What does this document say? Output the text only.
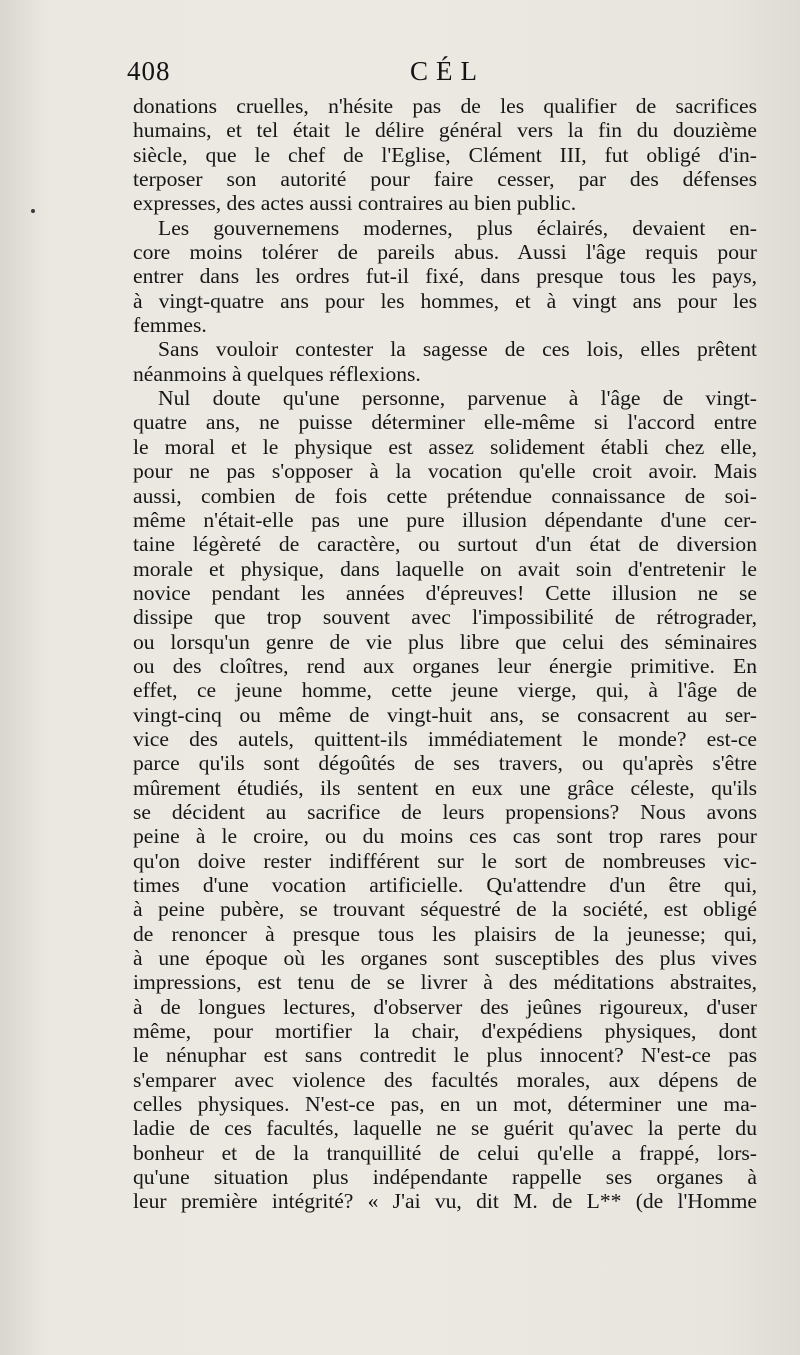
408	CÉL
donations cruelles, n'hésite pas de les qualifier de sacrifices
humains, et tel était le délire général vers la fin du douzième
siècle, que le chef de l'Eglise, Clément III, fut obligé d'in-
terposer son autorité pour faire cesser, par des défenses
expresses, des actes aussi contraires au bien public.
Les gouvernemens modernes, plus éclairés, devaient en-
core moins tolérer de pareils abus. Aussi l'âge requis pour
entrer dans les ordres fut-il fixé, dans presque tous les pays,
à vingt-quatre ans pour les hommes, et à vingt ans pour les
femmes.
Sans vouloir contester la sagesse de ces lois, elles prêtent
néanmoins à quelques réflexions.
Nul doute qu'une personne, parvenue à l'âge de vingt-
quatre ans, ne puisse déterminer elle-même si l'accord entre
le moral et le physique est assez solidement établi chez elle,
pour ne pas s'opposer à la vocation qu'elle croit avoir. Mais
aussi, combien de fois cette prétendue connaissance de soi-
même n'était-elle pas une pure illusion dépendante d'une cer-
taine légèreté de caractère, ou surtout d'un état de diversion
morale et physique, dans laquelle on avait soin d'entretenir le
novice pendant les années d'épreuves! Cette illusion ne se
dissipe que trop souvent avec l'impossibilité de rétrograder,
ou lorsqu'un genre de vie plus libre que celui des séminaires
ou des cloîtres, rend aux organes leur énergie primitive. En
effet, ce jeune homme, cette jeune vierge, qui, à l'âge de
vingt-cinq ou même de vingt-huit ans, se consacrent au ser-
vice des autels, quittent-ils immédiatement le monde? est-ce
parce qu'ils sont dégoûtés de ses travers, ou qu'après s'être
mûrement étudiés, ils sentent en eux une grâce céleste, qu'ils
se décident au sacrifice de leurs propensions? Nous avons
peine à le croire, ou du moins ces cas sont trop rares pour
qu'on doive rester indifférent sur le sort de nombreuses vic-
times d'une vocation artificielle. Qu'attendre d'un être qui,
à peine pubère, se trouvant séquestré de la société, est obligé
de renoncer à presque tous les plaisirs de la jeunesse; qui,
à une époque où les organes sont susceptibles des plus vives
impressions, est tenu de se livrer à des méditations abstraites,
à de longues lectures, d'observer des jeûnes rigoureux, d'user
même, pour mortifier la chair, d'expédiens physiques, dont
le nénuphar est sans contredit le plus innocent? N'est-ce pas
s'emparer avec violence des facultés morales, aux dépens de
celles physiques. N'est-ce pas, en un mot, déterminer une ma-
ladie de ces facultés, laquelle ne se guérit qu'avec la perte du
bonheur et de la tranquillité de celui qu'elle a frappé, lors-
qu'une situation plus indépendante rappelle ses organes à
leur première intégrité? « J'ai vu, dit M. de L** (de l'Homme
